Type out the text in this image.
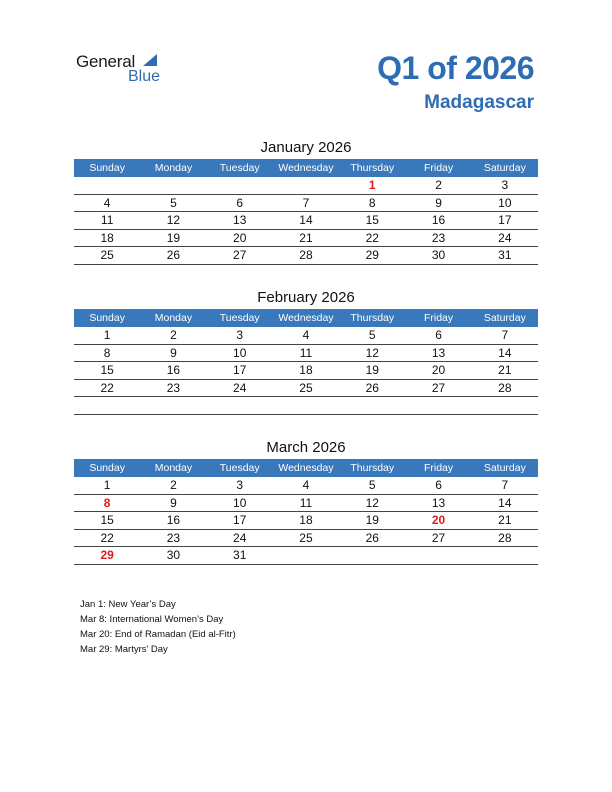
General
Blue	Q1 of 2026
Madagascar
January 2026
Sunday	Monday	Tuesday	Wednesday	Thursday	Friday	Saturday
				1	2	3
4	5	6	7	8	9	10
11	12	13	14	15	16	17
18	19	20	21	22	23	24
25	26	27	28	29	30	31
February 2026
Sunday	Monday	Tuesday	Wednesday	Thursday	Friday	Saturday
1	2	3	4	5	6	7
8	9	10	11	12	13	14
15	16	17	18	19	20	21
22	23	24	25	26	27	28

March 2026
Sunday	Monday	Tuesday	Wednesday	Thursday	Friday	Saturday
1	2	3	4	5	6	7
8	9	10	11	12	13	14
15	16	17	18	19	20	21
22	23	24	25	26	27	28
29	30	31				
Jan 1: New Year’s Day
Mar 8: International Women’s Day
Mar 20: End of Ramadan (Eid al-Fitr)
Mar 29: Martyrs’ Day
